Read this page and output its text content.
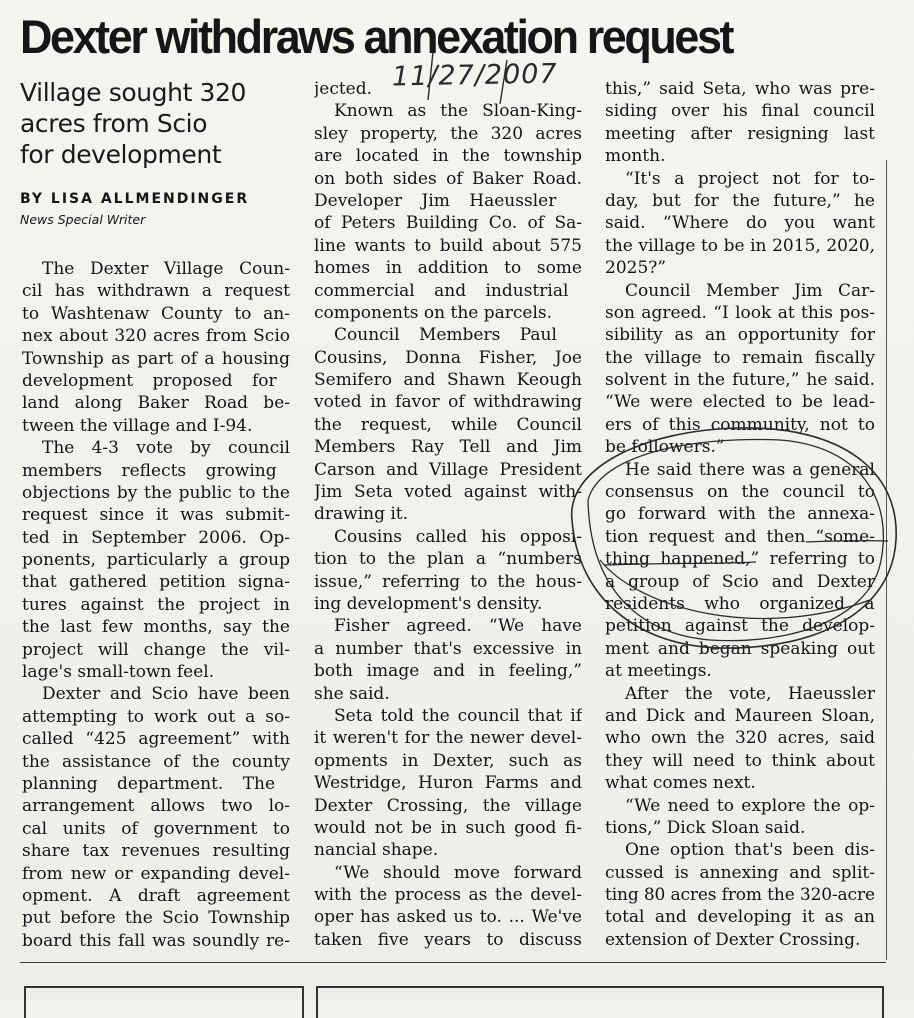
Dexter withdraws annexation request
Village sought 320
acres from Scio
for development
BY LISA ALLMENDINGER
News Special Writer
The Dexter Village Coun-
cil has withdrawn a request
to Washtenaw County to an-
nex about 320 acres from Scio
Township as part of a housing
development proposed for
land along Baker Road be-
tween the village and I-94.
The 4-3 vote by council
members reflects growing
objections by the public to the
request since it was submit-
ted in September 2006. Op-
ponents, particularly a group
that gathered petition signa-
tures against the project in
the last few months, say the
project will change the vil-
lage's small-town feel.
Dexter and Scio have been
attempting to work out a so-
called “425 agreement” with
the assistance of the county
planning department. The
arrangement allows two lo-
cal units of government to
share tax revenues resulting
from new or expanding devel-
opment. A draft agreement
put before the Scio Township
board this fall was soundly re-
jected.
Known as the Sloan-King-
sley property, the 320 acres
are located in the township
on both sides of Baker Road.
Developer Jim Haeussler
of Peters Building Co. of Sa-
line wants to build about 575
homes in addition to some
commercial and industrial
components on the parcels.
Council Members Paul
Cousins, Donna Fisher, Joe
Semifero and Shawn Keough
voted in favor of withdrawing
the request, while Council
Members Ray Tell and Jim
Carson and Village President
Jim Seta voted against with-
drawing it.
Cousins called his opposi-
tion to the plan a “numbers
issue,” referring to the hous-
ing development's density.
Fisher agreed. “We have
a number that's excessive in
both image and in feeling,”
she said.
Seta told the council that if
it weren't for the newer devel-
opments in Dexter, such as
Westridge, Huron Farms and
Dexter Crossing, the village
would not be in such good fi-
nancial shape.
“We should move forward
with the process as the devel-
oper has asked us to. ... We've
taken five years to discuss
this,” said Seta, who was pre-
siding over his final council
meeting after resigning last
month.
“It's a project not for to-
day, but for the future,” he
said. “Where do you want
the village to be in 2015, 2020,
2025?”
Council Member Jim Car-
son agreed. “I look at this pos-
sibility as an opportunity for
the village to remain fiscally
solvent in the future,” he said.
“We were elected to be lead-
ers of this community, not to
be followers.”
He said there was a general
consensus on the council to
go forward with the annexa-
tion request and then “some-
thing happened,” referring to
a group of Scio and Dexter
residents who organized a
petition against the develop-
ment and began speaking out
at meetings.
After the vote, Haeussler
and Dick and Maureen Sloan,
who own the 320 acres, said
they will need to think about
what comes next.
“We need to explore the op-
tions,” Dick Sloan said.
One option that's been dis-
cussed is annexing and split-
ting 80 acres from the 320-acre
total and developing it as an
extension of Dexter Crossing.
11/27/2007
